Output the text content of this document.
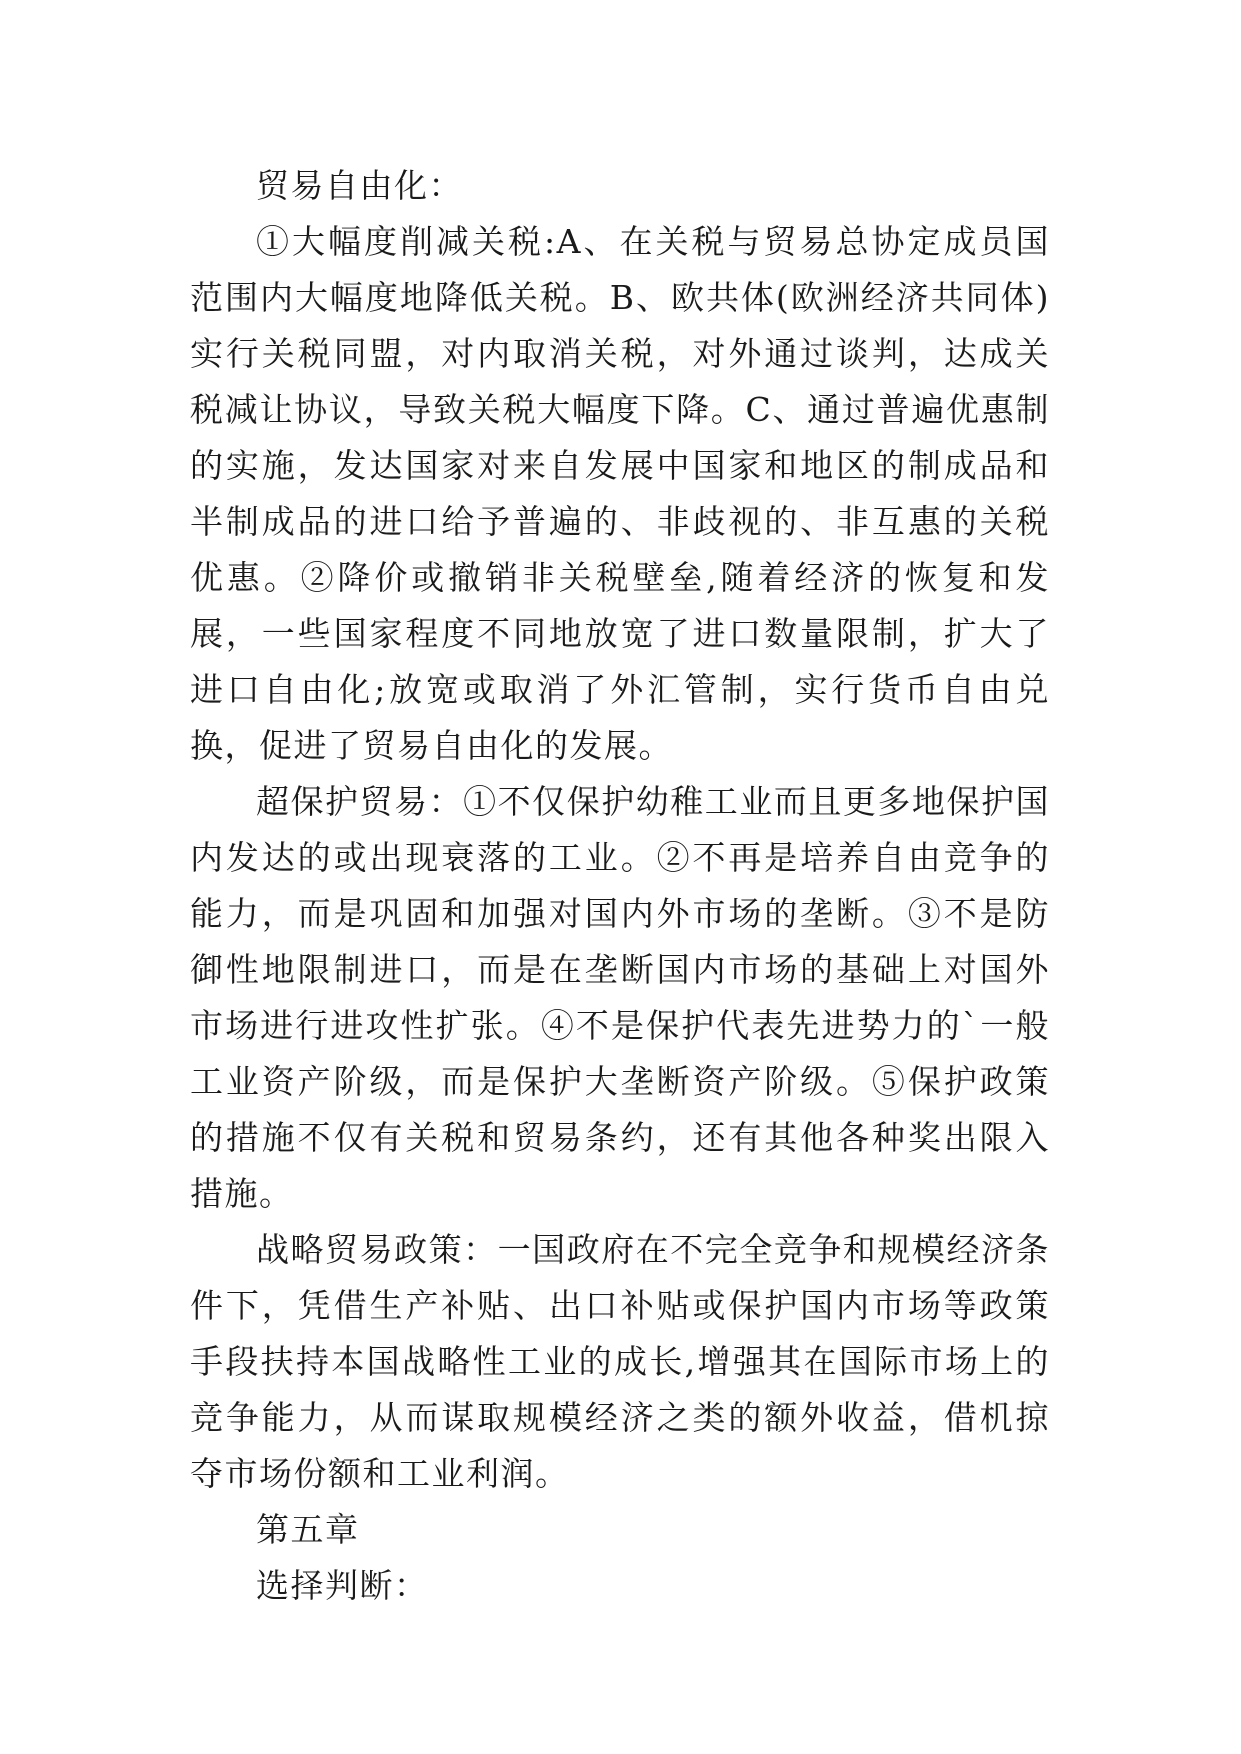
贸易自由化：

①大幅度削减关税:A、在关税与贸易总协定成员国范围内大幅度地降低关税。B、欧共体(欧洲经济共同体)实行关税同盟，对内取消关税，对外通过谈判，达成关税减让协议，导致关税大幅度下降。C、通过普遍优惠制的实施，发达国家对来自发展中国家和地区的制成品和半制成品的进口给予普遍的、非歧视的、非互惠的关税优惠。②降价或撤销非关税壁垒,随着经济的恢复和发展，一些国家程度不同地放宽了进口数量限制，扩大了进口自由化;放宽或取消了外汇管制，实行货币自由兑换，促进了贸易自由化的发展。

超保护贸易：①不仅保护幼稚工业而且更多地保护国内发达的或出现衰落的工业。②不再是培养自由竞争的能力，而是巩固和加强对国内外市场的垄断。③不是防御性地限制进口，而是在垄断国内市场的基础上对国外市场进行进攻性扩张。④不是保护代表先进势力的`一般工业资产阶级，而是保护大垄断资产阶级。⑤保护政策的措施不仅有关税和贸易条约，还有其他各种奖出限入措施。

战略贸易政策：一国政府在不完全竞争和规模经济条件下，凭借生产补贴、出口补贴或保护国内市场等政策手段扶持本国战略性工业的成长,增强其在国际市场上的竞争能力，从而谋取规模经济之类的额外收益，借机掠夺市场份额和工业利润。

第五章

选择判断：
